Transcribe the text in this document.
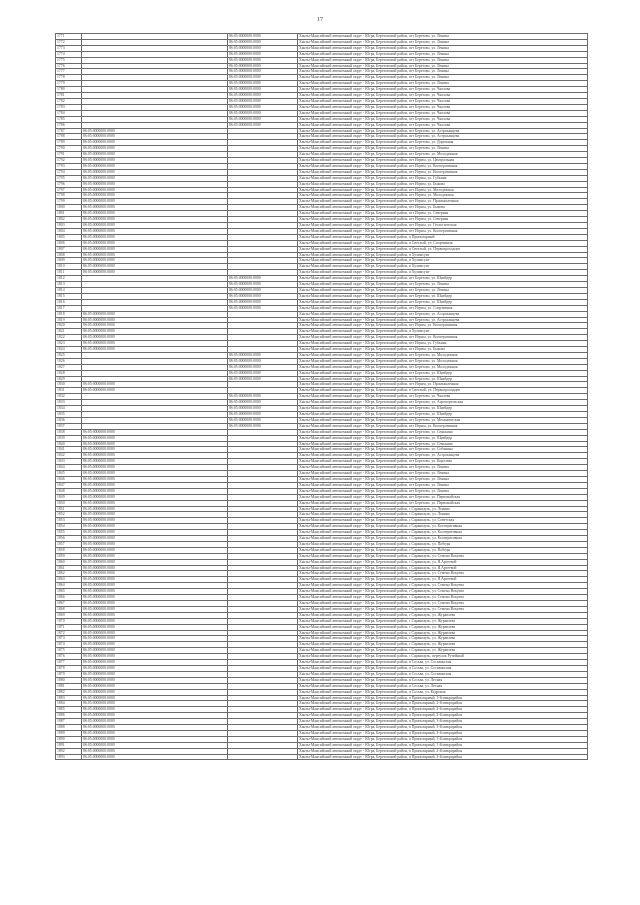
17
1771		86:05:0000000:0000	Ханты-Мансийский автономный округ - Югра, Березовский район, пгт Березово, ул. Ленина
1772		86:05:0000000:0000	Ханты-Мансийский автономный округ - Югра, Березовский район, пгт Березово, ул. Ленина
1773		86:05:0000000:0000	Ханты-Мансийский автономный округ - Югра, Березовский район, пгт Березово, ул. Ленина
1774		86:05:0000000:0000	Ханты-Мансийский автономный округ - Югра, Березовский район, пгт Березово, ул. Ленина
1775		86:05:0000000:0000	Ханты-Мансийский автономный округ - Югра, Березовский район, пгт Березово, ул. Ленина
1776		86:05:0000000:0000	Ханты-Мансийский автономный округ - Югра, Березовский район, пгт Березово, ул. Ленина
1777		86:05:0000000:0000	Ханты-Мансийский автономный округ - Югра, Березовский район, пгт Березово, ул. Ленина
1778		86:05:0000000:0000	Ханты-Мансийский автономный округ - Югра, Березовский район, пгт Березово, ул. Ленина
1779		86:05:0000000:0000	Ханты-Мансийский автономный округ - Югра, Березовский район, пгт Березово, ул. Ленина
1780		86:05:0000000:0000	Ханты-Мансийский автономный округ - Югра, Березовский район, пгт Березово, ул. Чкалова
1781		86:05:0000000:0000	Ханты-Мансийский автономный округ - Югра, Березовский район, пгт Березово, ул. Чкалова
1782		86:05:0000000:0000	Ханты-Мансийский автономный округ - Югра, Березовский район, пгт Березово, ул. Чкалова
1783		86:05:0000000:0000	Ханты-Мансийский автономный округ - Югра, Березовский район, пгт Березово, ул. Чкалова
1784		86:05:0000000:0000	Ханты-Мансийский автономный округ - Югра, Березовский район, пгт Березово, ул. Чкалова
1785		86:05:0000000:0000	Ханты-Мансийский автономный округ - Югра, Березовский район, пгт Березово, ул. Чкалова
1786		86:05:0000000:0000	Ханты-Мансийский автономный округ - Югра, Березовский район, пгт Березово, ул. Чкалова
1787	86:05:0000000:0000		Ханты-Мансийский автономный округ - Югра, Березовский район, пгт Березово, ул. Астраханцева
1788	86:05:0000000:0000		Ханты-Мансийский автономный округ - Югра, Березовский район, пгт Березово, ул. Астраханцева
1789	86:05:0000000:0000		Ханты-Мансийский автономный округ - Югра, Березовский район, пгт Березово, ул. Дорожная
1790	86:05:0000000:0000		Ханты-Мансийский автономный округ - Югра, Березовский район, пгт Березово, ул. Ленина
1791	86:05:0000000:0000		Ханты-Мансийский автономный округ - Югра, Березовский район, пгт Березово, ул. Молодежная
1792	86:05:0000000:0000		Ханты-Мансийский автономный округ - Югра, Березовский район, пгт Игрим, ул. Центральная
1793	86:05:0000000:0000		Ханты-Мансийский автономный округ - Югра, Березовский район, пгт Игрим, ул. Кооперативная
1794	86:05:0000000:0000		Ханты-Мансийский автономный округ - Югра, Березовский район, пгт Игрим, ул. Кооперативная
1795	86:05:0000000:0000		Ханты-Мансийский автономный округ - Югра, Березовский район, пгт Игрим, ул. Губкина
1796	86:05:0000000:0000		Ханты-Мансийский автономный округ - Югра, Березовский район, пгт Игрим, ул. Быкова
1797	86:05:0000000:0000		Ханты-Мансийский автономный округ - Югра, Березовский район, пгт Игрим, ул. Молодежная
1798	86:05:0000000:0000		Ханты-Мансийский автономный округ - Югра, Березовский район, пгт Игрим, ул. Молодежная
1799	86:05:0000000:0000		Ханты-Мансийский автономный округ - Югра, Березовский район, пгт Игрим, ул. Промышленная
1800	86:05:0000000:0000		Ханты-Мансийский автономный округ - Югра, Березовский район, пгт Игрим, ул. Быкова
1801	86:05:0000000:0000		Ханты-Мансийский автономный округ - Югра, Березовский район, пгт Игрим, ул. Северная
1802	86:05:0000000:0000		Ханты-Мансийский автономный округ - Югра, Березовский район, пгт Игрим, ул. Северная
1803	86:05:0000000:0000		Ханты-Мансийский автономный округ - Югра, Березовский район, пгт Игрим, ул. Геологическая
1804	86:05:0000000:0000		Ханты-Мансийский автономный округ - Югра, Березовский район, пгт Игрим, ул. Кооперативная
1805	86:05:0000000:0000		Ханты-Мансийский автономный округ - Югра, Березовский район, п Приполярный
1806	86:05:0000000:0000		Ханты-Мансийский автономный округ - Югра, Березовский район, п Светлый, ул. Спортивная
1807	86:05:0000000:0000		Ханты-Мансийский автономный округ - Югра, Березовский район, п Светлый, ул. Первопроходцев
1808	86:05:0000000:0000		Ханты-Мансийский автономный округ - Югра, Березовский район, п Хулимсунт
1809	86:05:0000000:0000		Ханты-Мансийский автономный округ - Югра, Березовский район, п Хулимсунт
1810	86:05:0000000:0000		Ханты-Мансийский автономный округ - Югра, Березовский район, п Хулимсунт
1811	86:05:0000000:0000		Ханты-Мансийский автономный округ - Югра, Березовский район, п Хулимсунт
1812		86:05:0000000:0000	Ханты-Мансийский автономный округ - Югра, Березовский район, пгт Березово, ул. Шнейдер
1813		86:05:0000000:0000	Ханты-Мансийский автономный округ - Югра, Березовский район, пгт Березово, ул. Ленина
1814		86:05:0000000:0000	Ханты-Мансийский автономный округ - Югра, Березовский район, пгт Березово, ул. Ленина
1815		86:05:0000000:0000	Ханты-Мансийский автономный округ - Югра, Березовский район, пгт Березово, ул. Шнейдер
1816		86:05:0000000:0000	Ханты-Мансийский автономный округ - Югра, Березовский район, пгт Березово, ул. Шнейдер
1817		86:05:0000000:0000	Ханты-Мансийский автономный округ - Югра, Березовский район, пгт Игрим, ул. Спортивная
1818	86:05:0000000:0000		Ханты-Мансийский автономный округ - Югра, Березовский район, пгт Березово, ул. Астраханцева
1819	86:05:0000000:0000		Ханты-Мансийский автономный округ - Югра, Березовский район, пгт Березово, ул. Астраханцева
1820	86:05:0000000:0000		Ханты-Мансийский автономный округ - Югра, Березовский район, пгт Игрим, ул. Кооперативная
1821	86:05:0000000:0000		Ханты-Мансийский автономный округ - Югра, Березовский район, п Хулимсунт
1822	86:05:0000000:0000		Ханты-Мансийский автономный округ - Югра, Березовский район, пгт Игрим, ул. Кооперативная
1823	86:05:0000000:0000		Ханты-Мансийский автономный округ - Югра, Березовский район, пгт Игрим, ул. Губкина
1824	86:05:0000000:0000		Ханты-Мансийский автономный округ - Югра, Березовский район, пгт Игрим, ул. Быкова
1825		86:05:0000000:0000	Ханты-Мансийский автономный округ - Югра, Березовский район, пгт Березово, ул. Молодежная
1826		86:05:0000000:0000	Ханты-Мансийский автономный округ - Югра, Березовский район, пгт Березово, ул. Молодежная
1827		86:05:0000000:0000	Ханты-Мансийский автономный округ - Югра, Березовский район, пгт Березово, ул. Молодежная
1828		86:05:0000000:0000	Ханты-Мансийский автономный округ - Югра, Березовский район, пгт Березово, ул. Шнейдер
1829		86:05:0000000:0000	Ханты-Мансийский автономный округ - Югра, Березовский район, пгт Березово, ул. Шнейдер
1830	86:05:0000000:0000		Ханты-Мансийский автономный округ - Югра, Березовский район, пгт Игрим, ул. Промышленная
1831	86:05:0000000:0000		Ханты-Мансийский автономный округ - Югра, Березовский район, п Светлый, ул. Первопроходцев
1832		86:05:0000000:0000	Ханты-Мансийский автономный округ - Югра, Березовский район, пгт Березово, ул. Чкалова
1833		86:05:0000000:0000	Ханты-Мансийский автономный округ - Югра, Березовский район, пгт Березово, ул. Аэропортовская
1834		86:05:0000000:0000	Ханты-Мансийский автономный округ - Югра, Березовский район, пгт Березово, ул. Шнейдер
1835		86:05:0000000:0000	Ханты-Мансийский автономный округ - Югра, Березовский район, пгт Березово, ул. Шнейдер
1836		86:05:0000000:0000	Ханты-Мансийский автономный округ - Югра, Березовский район, пгт Березово, ул. Механическая
1837		86:05:0000000:0000	Ханты-Мансийский автономный округ - Югра, Березовский район, пгт Игрим, ул. Кооперативная
1838	86:05:0000000:0000		Ханты-Мансийский автономный округ - Югра, Березовский район, пгт Березово, ул. Сенькина
1839	86:05:0000000:0000		Ханты-Мансийский автономный округ - Югра, Березовский район, пгт Березово, ул. Шнейдер
1840	86:05:0000000:0000		Ханты-Мансийский автономный округ - Югра, Березовский район, пгт Березово, ул. Сенькина
1841	86:05:0000000:0000		Ханты-Мансийский автономный округ - Югра, Березовский район, пгт Березово, ул. Собянина
1842	86:05:0000000:0000		Ханты-Мансийский автономный округ - Югра, Березовский район, пгт Березово, ул. Астраханцева
1843	86:05:0000000:0000		Ханты-Мансийский автономный округ - Югра, Березовский район, пгт Березово, ул. Королева
1844	86:05:0000000:0000		Ханты-Мансийский автономный округ - Югра, Березовский район, пгт Березово, ул. Ленина
1845	86:05:0000000:0000		Ханты-Мансийский автономный округ - Югра, Березовский район, пгт Березово, ул. Ленина
1846	86:05:0000000:0000		Ханты-Мансийский автономный округ - Югра, Березовский район, пгт Березово, ул. Ленина
1847	86:05:0000000:0000		Ханты-Мансийский автономный округ - Югра, Березовский район, пгт Березово, ул. Ленина
1848	86:05:0000000:0000		Ханты-Мансийский автономный округ - Югра, Березовский район, пгт Березово, ул. Ленина
1849	86:05:0000000:0000		Ханты-Мансийский автономный округ - Югра, Березовский район, пгт Березово, ул. Первомайская
1850	86:05:0000000:0000		Ханты-Мансийский автономный округ - Югра, Березовский район, пгт Березово, ул. Первомайская
1851	86:05:0000000:0000		Ханты-Мансийский автономный округ - Югра, Березовский район, с Саранпауль, ул. Ленина
1852	86:05:0000000:0000		Ханты-Мансийский автономный округ - Югра, Березовский район, с Саранпауль, ул. Ленина
1853	86:05:0000000:0000		Ханты-Мансийский автономный округ - Югра, Березовский район, с Саранпауль, ул. Советская
1854	86:05:0000000:0000		Ханты-Мансийский автономный округ - Югра, Березовский район, с Саранпауль, ул. Кооперативная
1855	86:05:0000000:0000		Ханты-Мансийский автономный округ - Югра, Березовский район, с Саранпауль, ул. Кооперативная
1856	86:05:0000000:0000		Ханты-Мансийский автономный округ - Югра, Березовский район, с Саранпауль, ул. Кооперативная
1857	86:05:0000000:0000		Ханты-Мансийский автономный округ - Югра, Березовский район, с Саранпауль, ул. Победы
1858	86:05:0000000:0000		Ханты-Мансийский автономный округ - Югра, Березовский район, с Саранпауль, ул. Победы
1859	86:05:0000000:0000		Ханты-Мансийский автономный округ - Югра, Березовский район, с Саранпауль, ул. Семена Вокуева
1860	86:05:0000000:0000		Ханты-Мансийский автономный округ - Югра, Березовский район, с Саранпауль, ул. Я.Артеевой
1861	86:05:0000000:0000		Ханты-Мансийский автономный округ - Югра, Березовский район, с Саранпауль, ул. Я.Артеевой
1862	86:05:0000000:0000		Ханты-Мансийский автономный округ - Югра, Березовский район, с Саранпауль, ул. Семена Вокуева
1863	86:05:0000000:0000		Ханты-Мансийский автономный округ - Югра, Березовский район, с Саранпауль, ул. Я.Артеевой
1864	86:05:0000000:0000		Ханты-Мансийский автономный округ - Югра, Березовский район, с Саранпауль, ул. Семена Вокуева
1865	86:05:0000000:0000		Ханты-Мансийский автономный округ - Югра, Березовский район, с Саранпауль, ул. Семена Вокуева
1866	86:05:0000000:0000		Ханты-Мансийский автономный округ - Югра, Березовский район, с Саранпауль, ул. Семена Вокуева
1867	86:05:0000000:0000		Ханты-Мансийский автономный округ - Югра, Березовский район, с Саранпауль, ул. Семена Вокуева
1868	86:05:0000000:0000		Ханты-Мансийский автономный округ - Югра, Березовский район, с Саранпауль, ул. Семена Вокуева
1869	86:05:0000000:0000		Ханты-Мансийский автономный округ - Югра, Березовский район, с Саранпауль, ул. Журавлева
1870	86:05:0000000:0000		Ханты-Мансийский автономный округ - Югра, Березовский район, с Саранпауль, ул. Журавлева
1871	86:05:0000000:0000		Ханты-Мансийский автономный округ - Югра, Березовский район, с Саранпауль, ул. Журавлева
1872	86:05:0000000:0000		Ханты-Мансийский автономный округ - Югра, Березовский район, с Саранпауль, ул. Журавлева
1873	86:05:0000000:0000		Ханты-Мансийский автономный округ - Югра, Березовский район, с Саранпауль, ул. Журавлева
1874	86:05:0000000:0000		Ханты-Мансийский автономный округ - Югра, Березовский район, с Саранпауль, ул. Журавлева
1875	86:05:0000000:0000		Ханты-Мансийский автономный округ - Югра, Березовский район, с Саранпауль, ул. Журавлева
1876	86:05:0000000:0000		Ханты-Мансийский автономный округ - Югра, Березовский район, с Саранпауль, переулок Ручейный
1877	86:05:0000000:0000		Ханты-Мансийский автономный округ - Югра, Березовский район, п Сосьва, ул. Сосьвинская
1878	86:05:0000000:0000		Ханты-Мансийский автономный округ - Югра, Березовский район, п Сосьва, ул. Сосьвинская
1879	86:05:0000000:0000		Ханты-Мансийский автономный округ - Югра, Березовский район, п Сосьва, ул. Сосьвинская
1880	86:05:0000000:0000		Ханты-Мансийский автономный округ - Югра, Березовский район, п Сосьва, ул. Лесная
1881	86:05:0000000:0000		Ханты-Мансийский автономный округ - Югра, Березовский район, п Сосьва, ул. Лесная
1882	86:05:0000000:0000		Ханты-Мансийский автономный округ - Югра, Березовский район, п Сосьва, ул. Кедровая
1883	86:05:0000000:0000		Ханты-Мансийский автономный округ - Югра, Березовский район, п Приполярный, 1-й микрорайон
1884	86:05:0000000:0000		Ханты-Мансийский автономный округ - Югра, Березовский район, п Приполярный, 2-й микрорайон
1885	86:05:0000000:0000		Ханты-Мансийский автономный округ - Югра, Березовский район, п Приполярный, 2-й микрорайон
1886	86:05:0000000:0000		Ханты-Мансийский автономный округ - Югра, Березовский район, п Приполярный, 2-й микрорайон
1887	86:05:0000000:0000		Ханты-Мансийский автономный округ - Югра, Березовский район, п Приполярный, 3-й микрорайон
1888	86:05:0000000:0000		Ханты-Мансийский автономный округ - Югра, Березовский район, п Приполярный, 3-й микрорайон
1889	86:05:0000000:0000		Ханты-Мансийский автономный округ - Югра, Березовский район, п Приполярный, 3-й микрорайон
1890	86:05:0000000:0000		Ханты-Мансийский автономный округ - Югра, Березовский район, п Приполярный, 1-й микрорайон
1891	86:05:0000000:0000		Ханты-Мансийский автономный округ - Югра, Березовский район, п Приполярный, 1-й микрорайон
1892	86:05:0000000:0000		Ханты-Мансийский автономный округ - Югра, Березовский район, п Приполярный, 2-й микрорайон
1893	86:05:0000000:0000		Ханты-Мансийский автономный округ - Югра, Березовский район, п Приполярный, 3-й микрорайон
